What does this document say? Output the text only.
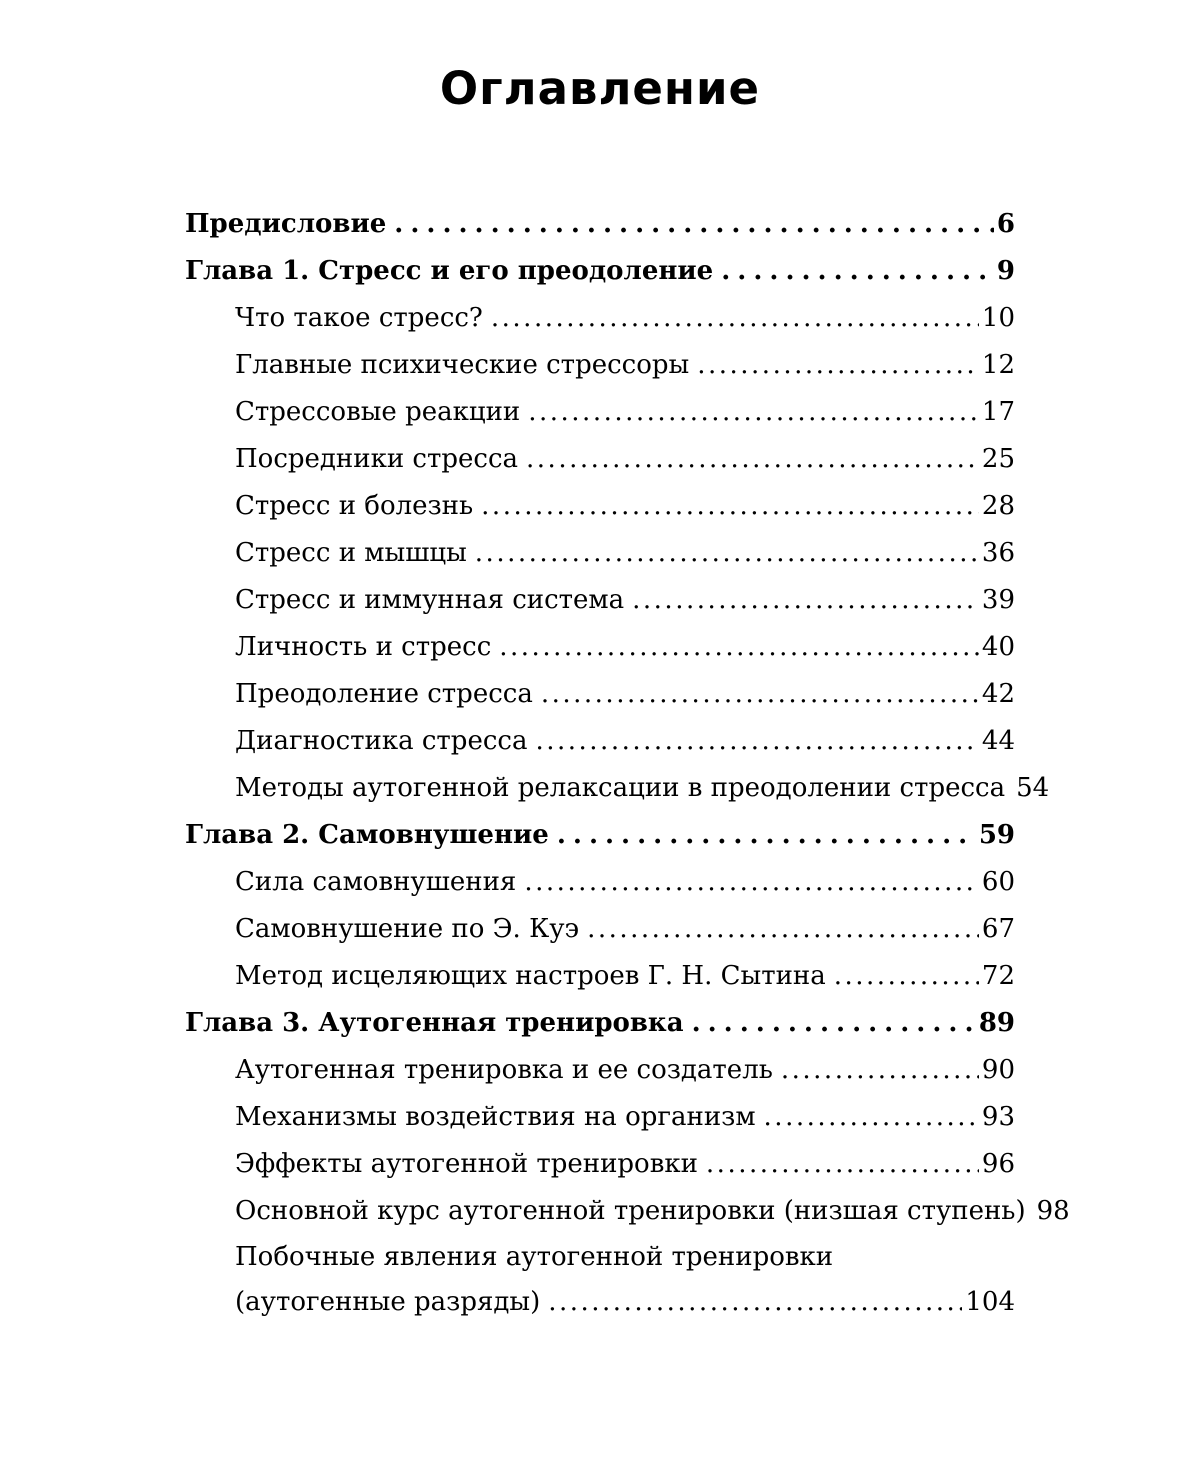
Оглавление
Предисловие .....	6
Глава 1. Стресс и его преодоление .....	9
Что такое стресс? .....	10
Главные психические стрессоры .....	12
Стрессовые реакции .....	17
Посредники стресса .....	25
Стресс и болезнь .....	28
Стресс и мышцы .....	36
Стресс и иммунная система .....	39
Личность и стресс .....	40
Преодоление стресса .....	42
Диагностика стресса .....	44
Методы аутогенной релаксации в преодолении стресса 54
Глава 2. Самовнушение .....	59
Сила самовнушения .....	60
Самовнушение по Э. Куэ .....	67
Метод исцеляющих настроев Г. Н. Сытина .....	72
Глава 3. Аутогенная тренировка .....	89
Аутогенная тренировка и ее создатель .....	90
Механизмы воздействия на организм .....	93
Эффекты аутогенной тренировки .....	96
Основной курс аутогенной тренировки (низшая ступень) 98
Побочные явления аутогенной тренировки
(аутогенные разряды) .....	104
